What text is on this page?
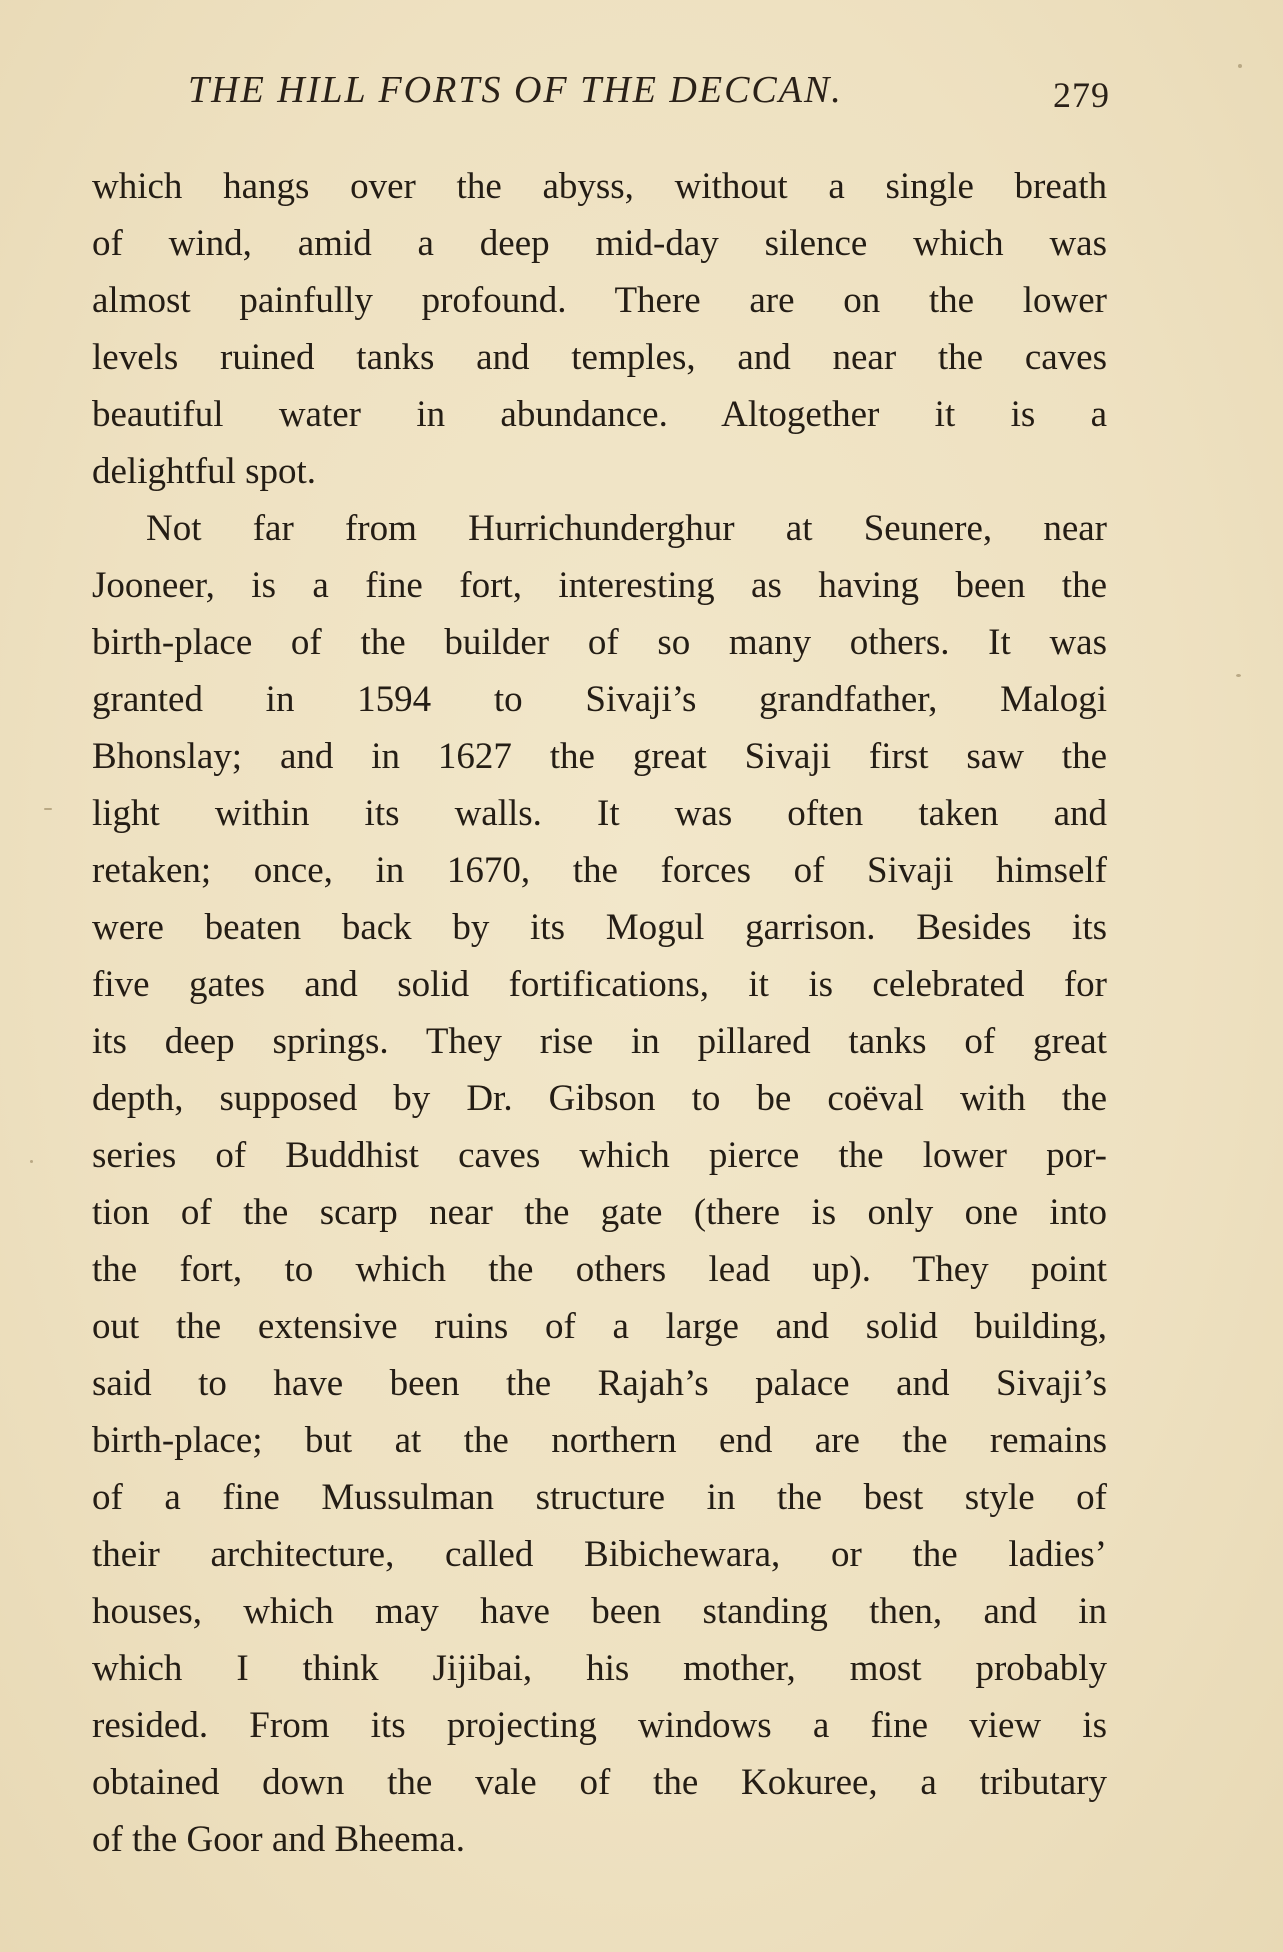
THE HILL FORTS OF THE DECCAN.	279

which hangs over the abyss, without a single breath
of wind, amid a deep mid-day silence which was
almost painfully profound. There are on the lower
levels ruined tanks and temples, and near the caves
beautiful water in abundance. Altogether it is a
delightful spot.

Not far from Hurrichunderghur at Seunere, near
Jooneer, is a fine fort, interesting as having been the
birth-place of the builder of so many others. It was
granted in 1594 to Sivaji’s grandfather, Malogi
Bhonslay; and in 1627 the great Sivaji first saw the
light within its walls. It was often taken and
retaken; once, in 1670, the forces of Sivaji himself
were beaten back by its Mogul garrison. Besides its
five gates and solid fortifications, it is celebrated for
its deep springs. They rise in pillared tanks of great
depth, supposed by Dr. Gibson to be coëval with the
series of Buddhist caves which pierce the lower por-
tion of the scarp near the gate (there is only one into
the fort, to which the others lead up). They point
out the extensive ruins of a large and solid building,
said to have been the Rajah’s palace and Sivaji’s
birth-place; but at the northern end are the remains
of a fine Mussulman structure in the best style of
their architecture, called Bibichewara, or the ladies’
houses, which may have been standing then, and in
which I think Jijibai, his mother, most probably
resided. From its projecting windows a fine view is
obtained down the vale of the Kokuree, a tributary
of the Goor and Bheema.
